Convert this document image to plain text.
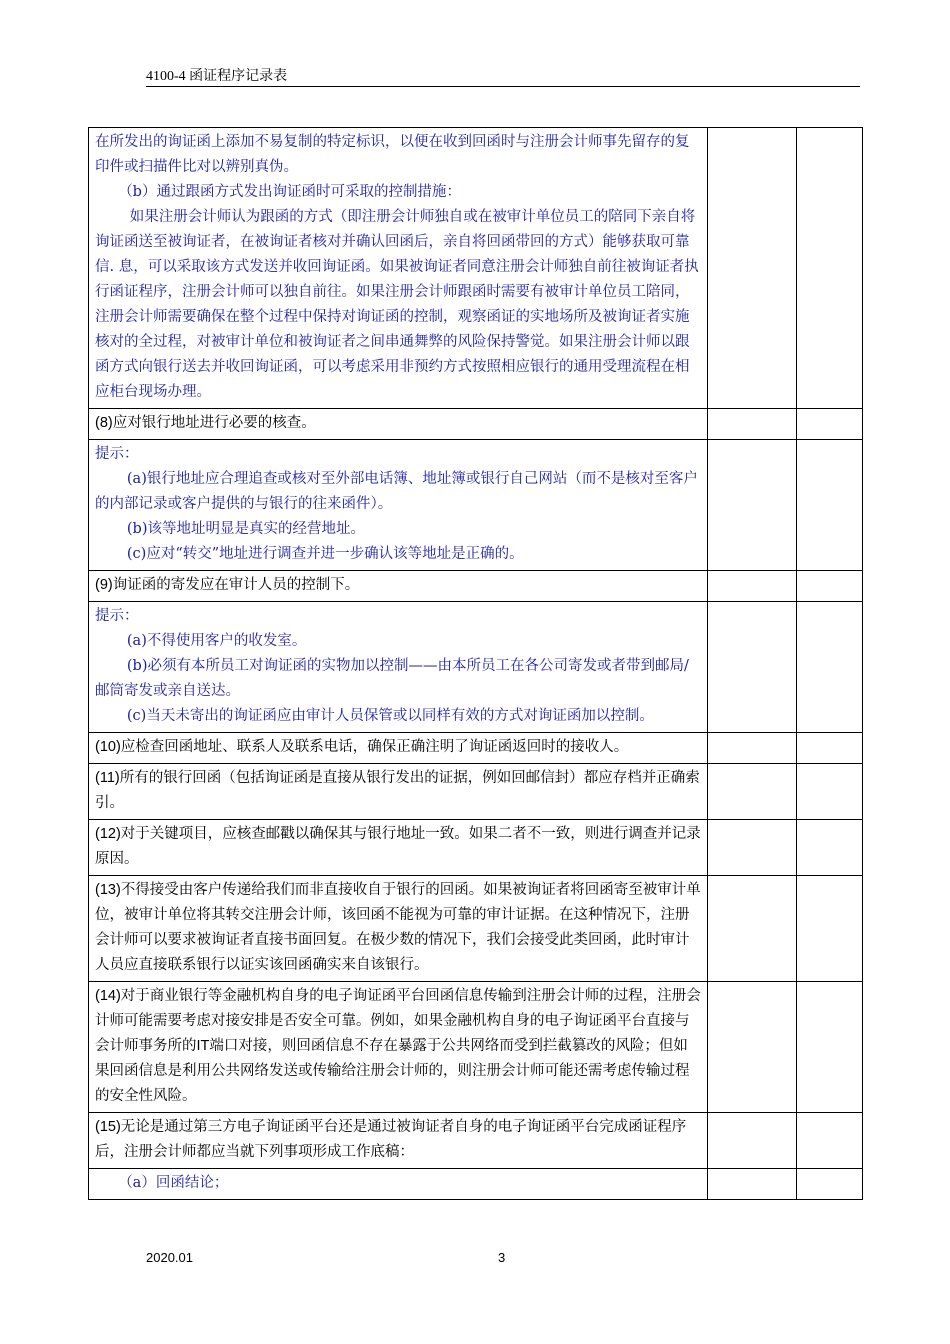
4100-4 函证程序记录表

在所发出的询证函上添加不易复制的特定标识，以便在收到回函时与注册会计师事先留存的复印件或扫描件比对以辨别真伪。

（b）通过跟函方式发出询证函时可采取的控制措施：

如果注册会计师认为跟函的方式（即注册会计师独自或在被审计单位员工的陪同下亲自将询证函送至被询证者，在被询证者核对并确认回函后，亲自将回函带回的方式）能够获取可靠信. 息，可以采取该方式发送并收回询证函。如果被询证者同意注册会计师独自前往被询证者执行函证程序，注册会计师可以独自前往。如果注册会计师跟函时需要有被审计单位员工陪同，注册会计师需要确保在整个过程中保持对询证函的控制，观察函证的实地场所及被询证者实施核对的全过程，对被审计单位和被询证者之间串通舞弊的风险保持警觉。如果注册会计师以跟函方式向银行送去并收回询证函，可以考虑采用非预约方式按照相应银行的通用受理流程在相应柜台现场办理。		

(8)应对银行地址进行必要的核查。		

提示：

(a)银行地址应合理追查或核对至外部电话簿、地址簿或银行自己网站（而不是核对至客户的内部记录或客户提供的与银行的往来函件）。

(b)该等地址明显是真实的经营地址。

(c)应对“转交”地址进行调查并进一步确认该等地址是正确的。		

(9)询证函的寄发应在审计人员的控制下。		

提示：

(a)不得使用客户的收发室。

(b)必须有本所员工对询证函的实物加以控制——由本所员工在各公司寄发或者带到邮局/邮筒寄发或亲自送达。

(c)当天未寄出的询证函应由审计人员保管或以同样有效的方式对询证函加以控制。		

(10)应检查回函地址、联系人及联系电话，确保正确注明了询证函返回时的接收人。		

(11)所有的银行回函（包括询证函是直接从银行发出的证据，例如回邮信封）都应存档并正确索引。		

(12)对于关键项目，应核查邮戳以确保其与银行地址一致。如果二者不一致，则进行调查并记录原因。		

(13)不得接受由客户传递给我们而非直接收自于银行的回函。如果被询证者将回函寄至被审计单位，被审计单位将其转交注册会计师，该回函不能视为可靠的审计证据。在这种情况下，注册会计师可以要求被询证者直接书面回复。在极少数的情况下，我们会接受此类回函，此时审计人员应直接联系银行以证实该回函确实来自该银行。		

(14)对于商业银行等金融机构自身的电子询证函平台回函信息传输到注册会计师的过程，注册会计师可能需要考虑对接安排是否安全可靠。例如，如果金融机构自身的电子询证函平台直接与会计师事务所的IT端口对接，则回函信息不存在暴露于公共网络而受到拦截篡改的风险；但如果回函信息是利用公共网络发送或传输给注册会计师的，则注册会计师可能还需考虑传输过程的安全性风险。		

(15)无论是通过第三方电子询证函平台还是通过被询证者自身的电子询证函平台完成函证程序后，注册会计师都应当就下列事项形成工作底稿：		

（a）回函结论；		

2020.01	3
